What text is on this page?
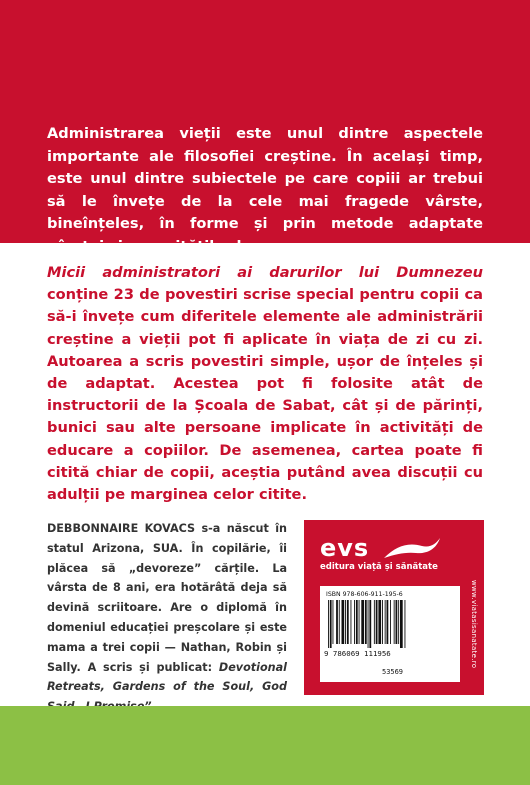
Administrarea vieții este unul dintre aspectele importante ale filosofiei creștine. În același timp, este unul dintre subiectele pe care copiii ar trebui să le învețe de la cele mai fragede vârste, bineînțeles, în forme și prin metode adaptate vârstei și capacităților lor.

Micii administratori ai darurilor lui Dumnezeu conține 23 de povestiri scrise special pentru copii ca să-i învețe cum diferitele elemente ale administrării creștine a vieții pot fi aplicate în viața de zi cu zi. Autoarea a scris povestiri simple, ușor de înțeles și de adaptat. Acestea pot fi folosite atât de instructorii de la Școala de Sabat, cât și de părinți, bunici sau alte persoane implicate în activități de educare a copiilor. De asemenea, cartea poate fi citită chiar de copii, aceștia putând avea discuții cu adulții pe marginea celor citite.

DEBBONNAIRE KOVACS s-a născut în statul Arizona, SUA. În copilărie, îi plăcea să „devoreze” cărțile. La vârsta de 8 ani, era hotărâtă deja să devină scriitoare. Are o diplomă în domeniul educației preșcolare și este mama a trei copii — Nathan, Robin și Sally. A scris și publicat: Devotional Retreats, Gardens of the Soul, God

evs
editura viață și sănătate
ISBN 978-606-911-195-6
9 786069 111956
53569
www.viatasisanatate.ro
